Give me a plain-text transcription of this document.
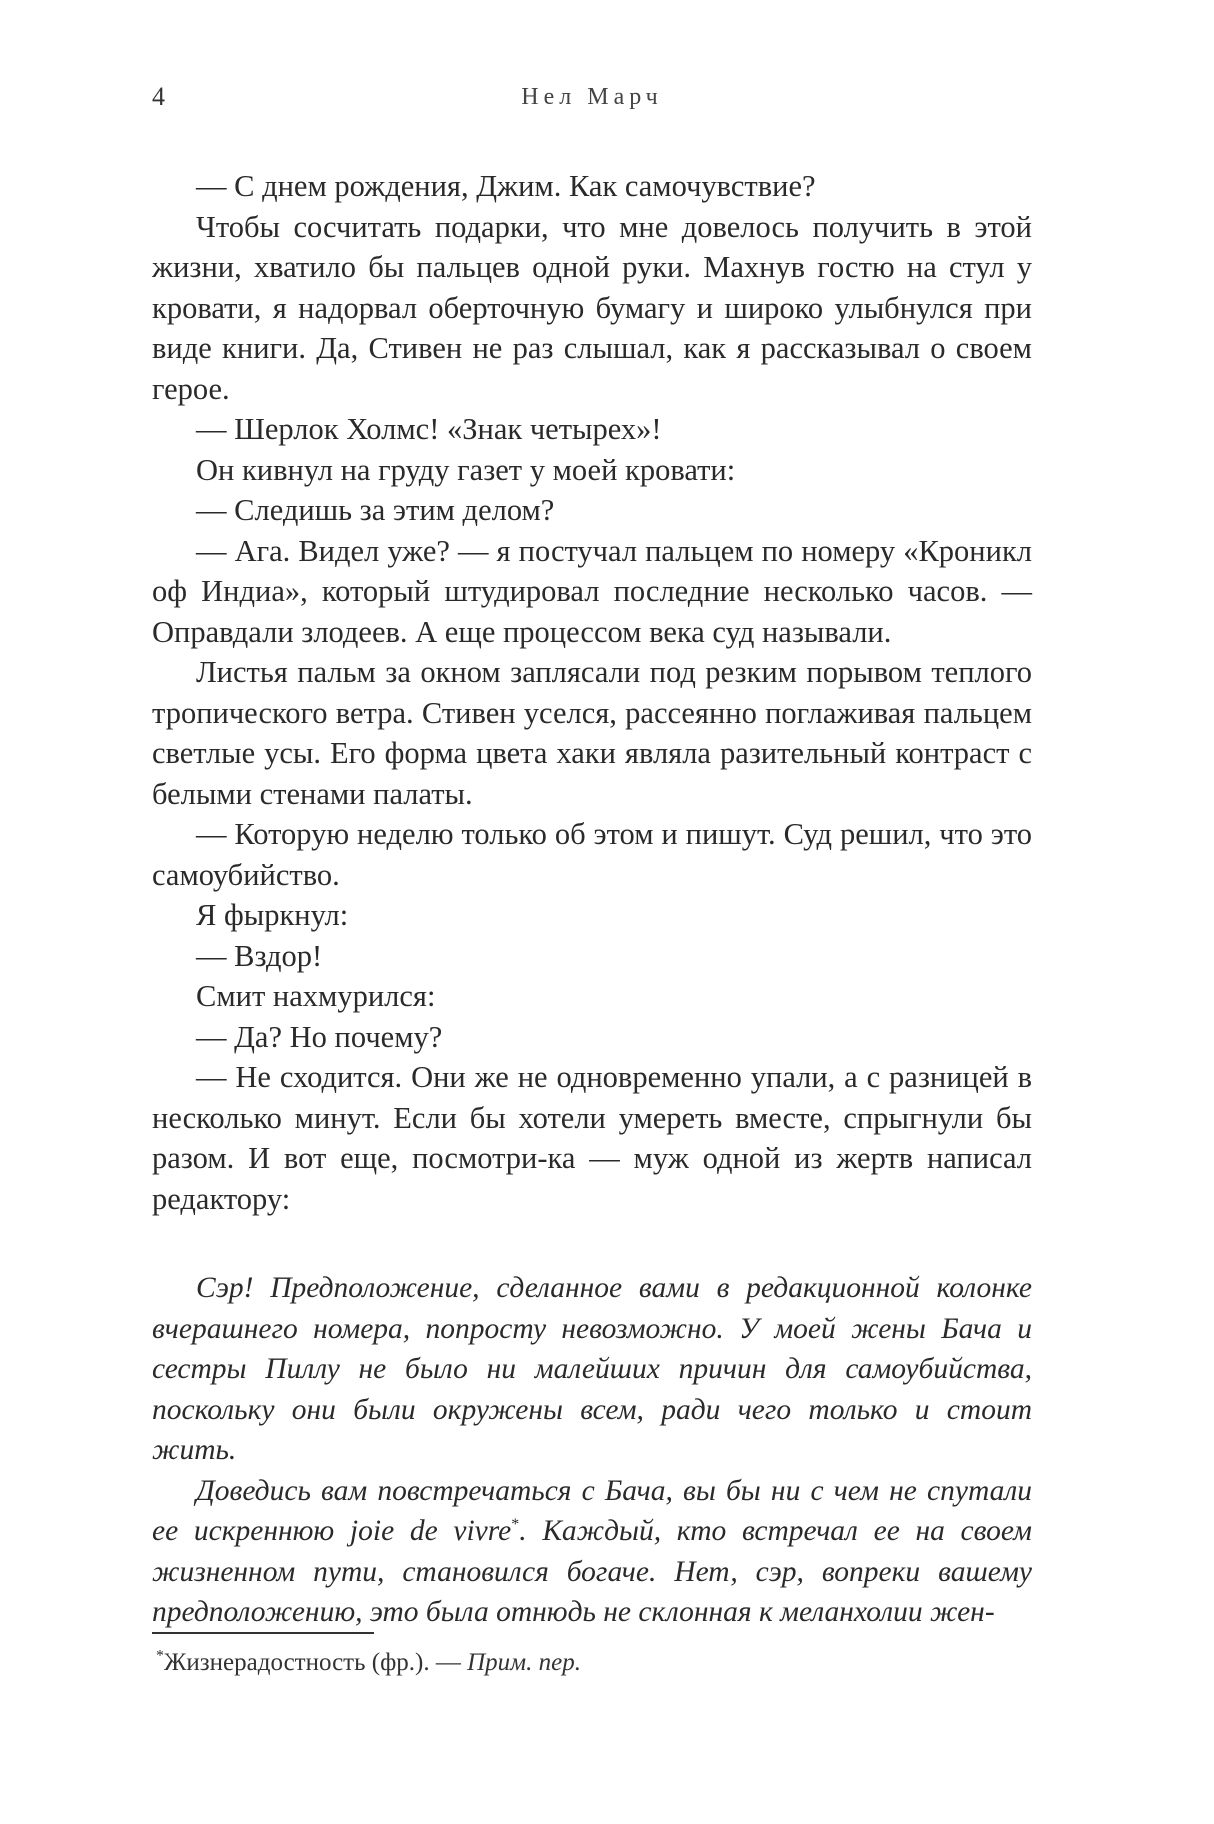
4	Нел Марч

— С днем рождения, Джим. Как самочувствие?

Чтобы сосчитать подарки, что мне довелось получить в этой жизни, хватило бы пальцев одной руки. Махнув гостю на стул у кровати, я надорвал оберточную бумагу и широко улыбнулся при виде книги. Да, Стивен не раз слышал, как я рассказывал о своем герое.

— Шерлок Холмс! «Знак четырех»!

Он кивнул на груду газет у моей кровати:

— Следишь за этим делом?

— Ага. Видел уже? — я постучал пальцем по номеру «Кроникл оф Индиа», который штудировал последние несколько часов. — Оправдали злодеев. А еще процессом века суд называли.

Листья пальм за окном заплясали под резким порывом теплого тропического ветра. Стивен уселся, рассеянно поглаживая пальцем светлые усы. Его форма цвета хаки являла разительный контраст с белыми стенами палаты.

— Которую неделю только об этом и пишут. Суд решил, что это самоубийство.

Я фыркнул:

— Вздор!

Смит нахмурился:

— Да? Но почему?

— Не сходится. Они же не одновременно упали, а с разницей в несколько минут. Если бы хотели умереть вместе, спрыгнули бы разом. И вот еще, посмотри-ка — муж одной из жертв написал редактору:

Сэр! Предположение, сделанное вами в редакционной колонке вчерашнего номера, попросту невозможно. У моей жены Бача и сестры Пиллу не было ни малейших причин для самоубийства, поскольку они были окружены всем, ради чего только и стоит жить.

Доведись вам повстречаться с Бача, вы бы ни с чем не спутали ее искреннюю joie de vivre*. Каждый, кто встречал ее на своем жизненном пути, становился богаче. Нет, сэр, вопреки вашему предположению, это была отнюдь не склонная к меланхолии жен-

*Жизнерадостность (фр.). — Прим. пер.
